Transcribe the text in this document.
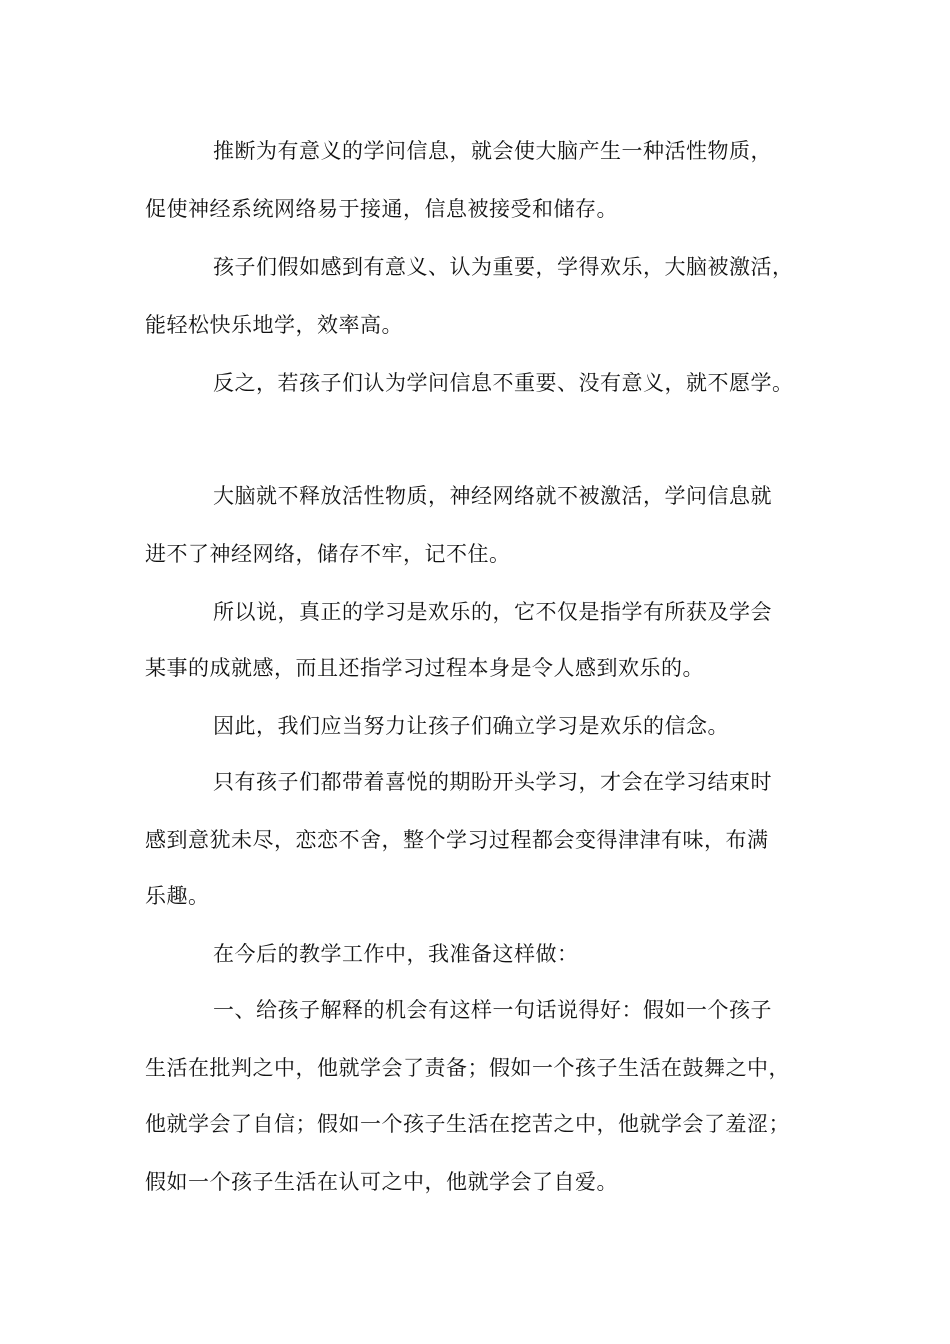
推断为有意义的学问信息，就会使大脑产生一种活性物质，
促使神经系统网络易于接通，信息被接受和储存。
孩子们假如感到有意义、认为重要，学得欢乐，大脑被激活，
能轻松快乐地学，效率高。
反之，若孩子们认为学问信息不重要、没有意义，就不愿学。
大脑就不释放活性物质，神经网络就不被激活，学问信息就
进不了神经网络，储存不牢，记不住。
所以说，真正的学习是欢乐的，它不仅是指学有所获及学会
某事的成就感，而且还指学习过程本身是令人感到欢乐的。
因此，我们应当努力让孩子们确立学习是欢乐的信念。
只有孩子们都带着喜悦的期盼开头学习，才会在学习结束时
感到意犹未尽，恋恋不舍，整个学习过程都会变得津津有味，布满
乐趣。
在今后的教学工作中，我准备这样做：
一、给孩子解释的机会有这样一句话说得好：假如一个孩子
生活在批判之中，他就学会了责备；假如一个孩子生活在鼓舞之中，
他就学会了自信；假如一个孩子生活在挖苦之中，他就学会了羞涩；
假如一个孩子生活在认可之中，他就学会了自爱。
